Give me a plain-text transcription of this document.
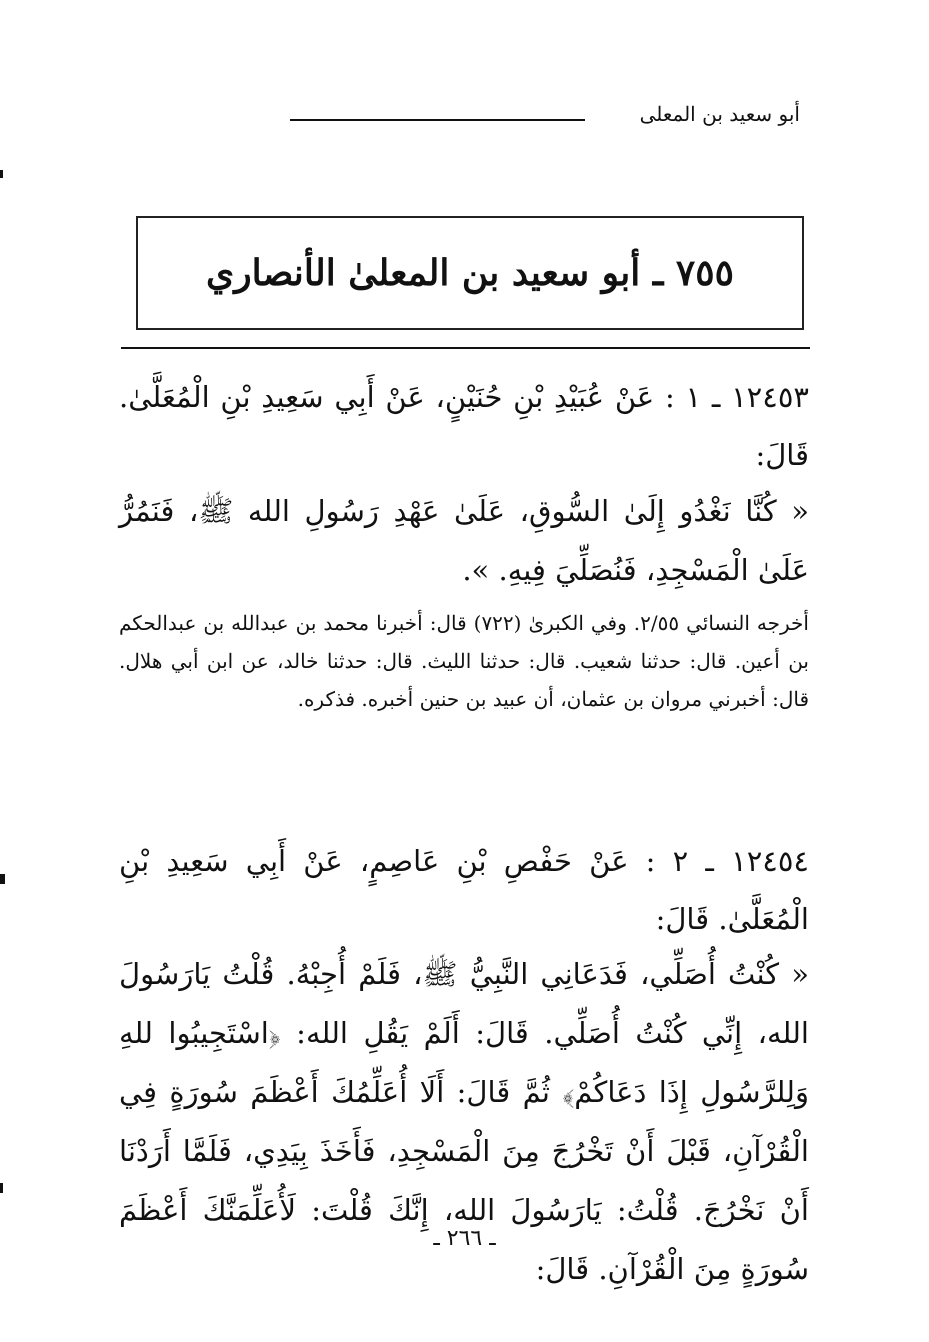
أبو سعيد بن المعلى
٧٥٥ ـ أبو سعيد بن المعلىٰ الأنصاري
١٢٤٥٣ ـ ١ : عَنْ عُبَيْدِ بْنِ حُنَيْنٍ، عَنْ أَبِي سَعِيدِ بْنِ الْمُعَلَّىٰ. قَالَ:
« كُنَّا نَغْدُو إِلَىٰ السُّوقِ، عَلَىٰ عَهْدِ رَسُولِ الله ﷺ، فَنَمُرُّ عَلَىٰ الْمَسْجِدِ، فَنُصَلِّيَ فِيهِ. ».
أخرجه النسائي ٢/٥٥. وفي الكبرىٰ (٧٢٢) قال: أخبرنا محمد بن عبدالله بن عبدالحكم بن أعين. قال: حدثنا شعيب. قال: حدثنا الليث. قال: حدثنا خالد، عن ابن أبي هلال. قال: أخبرني مروان بن عثمان، أن عبيد بن حنين أخبره. فذكره.
١٢٤٥٤ ـ ٢ : عَنْ حَفْصِ بْنِ عَاصِمٍ، عَنْ أَبِي سَعِيدِ بْنِ الْمُعَلَّىٰ. قَالَ:
« كُنْتُ أُصَلِّي، فَدَعَانِي النَّبِيُّ ﷺ، فَلَمْ أُجِبْهُ. قُلْتُ يَارَسُولَ الله، إِنِّي كُنْتُ أُصَلِّي. قَالَ: أَلَمْ يَقُلِ الله: ﴿اسْتَجِيبُوا للهِ وَلِلرَّسُولِ إِذَا دَعَاكُمْ﴾ ثُمَّ قَالَ: أَلَا أُعَلِّمُكَ أَعْظَمَ سُورَةٍ فِي الْقُرْآنِ، قَبْلَ أَنْ تَخْرُجَ مِنَ الْمَسْجِدِ، فَأَخَذَ بِيَدِي، فَلَمَّا أَرَدْنَا أَنْ نَخْرُجَ. قُلْتُ: يَارَسُولَ الله، إِنَّكَ قُلْتَ: لَأُعَلِّمَنَّكَ أَعْظَمَ سُورَةٍ مِنَ الْقُرْآنِ. قَالَ:
ـ ٢٦٦ ـ
